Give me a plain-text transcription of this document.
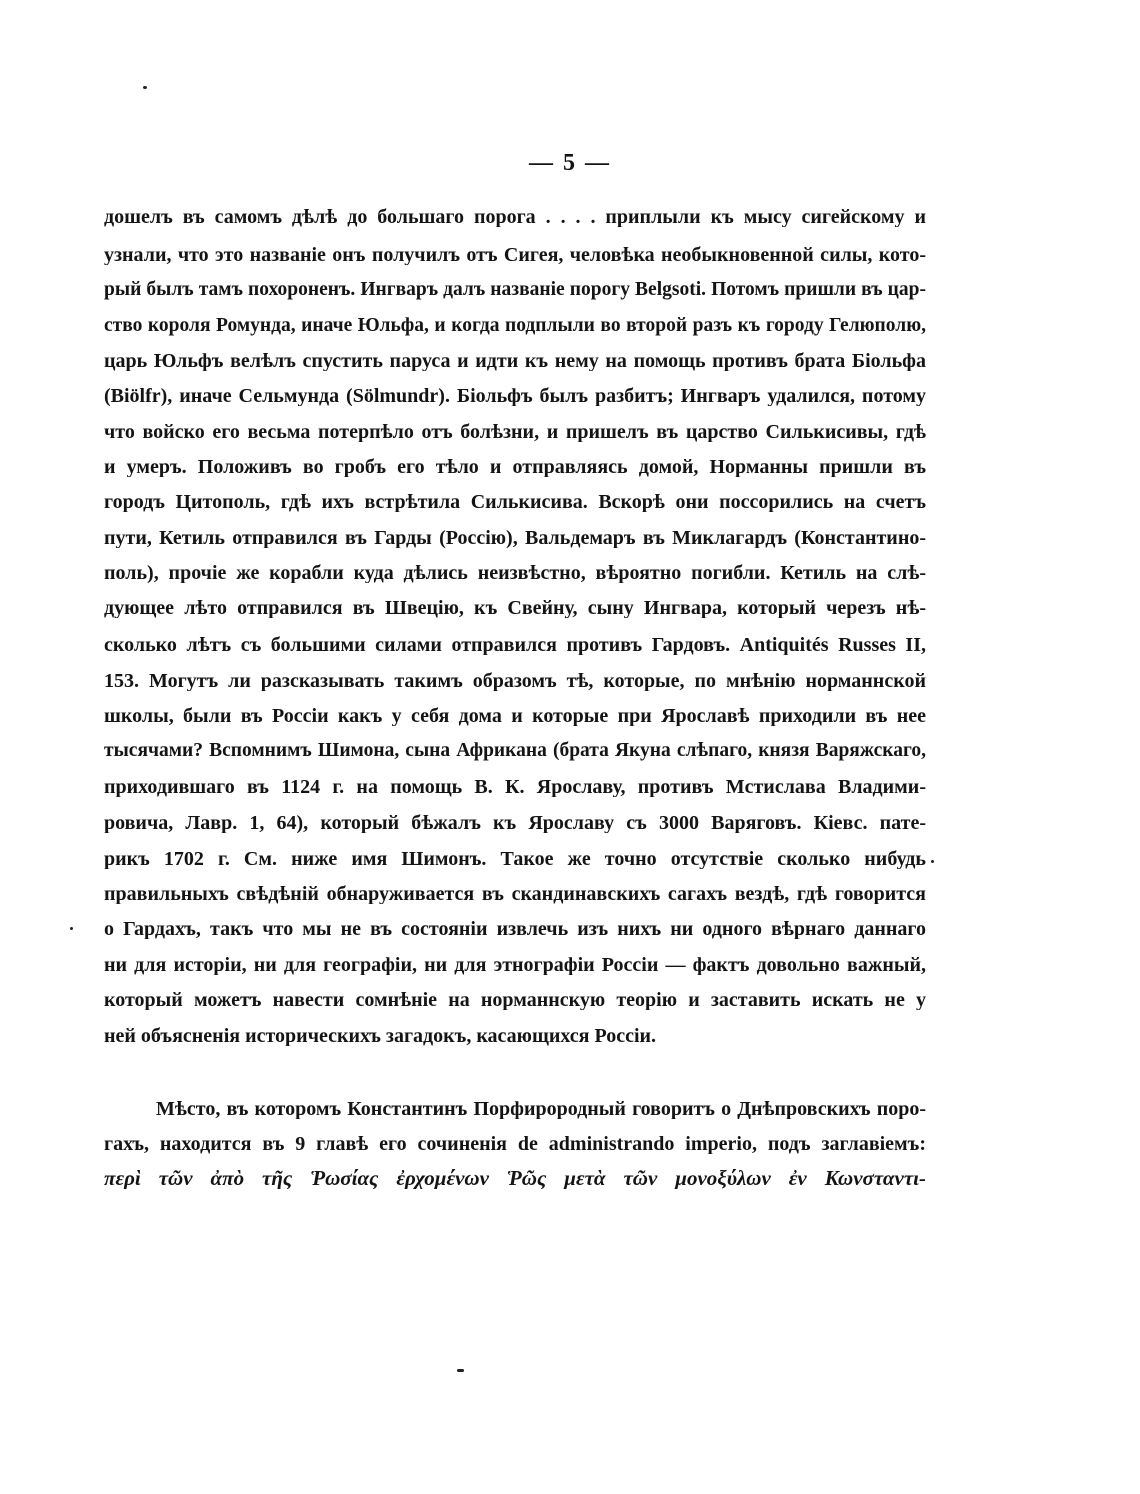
— 5 —
дошелъ въ самомъ дѣлѣ до большаго порога . . . . приплыли къ мысу сигейскому и
узнали, что это названіе онъ получилъ отъ Сигея, человѣка необыкновенной силы, кото-
рый былъ тамъ похороненъ. Ингваръ далъ названіе порогу Belgsoti. Потомъ пришли въ цар-
ство короля Ромунда, иначе Юльфа, и когда подплыли во второй разъ къ городу Гелюполю,
царь Юльфъ велѣлъ спустить паруса и идти къ нему на помощь противъ брата Біольфа
(Biölfr), иначе Сельмунда (Sölmundr). Біольфъ былъ разбитъ; Ингваръ удалился, потому
что войско его весьма потерпѣло отъ болѣзни, и пришелъ въ царство Силькисивы, гдѣ
и умеръ. Положивъ во гробъ его тѣло и отправляясь домой, Норманны пришли въ
городъ Цитополь, гдѣ ихъ встрѣтила Силькисива. Вскорѣ они поссорились на счетъ
пути, Кетиль отправился въ Гарды (Россію), Вальдемаръ въ Миклагардъ (Константино-
поль), прочіе же корабли куда дѣлись неизвѣстно, вѣроятно погибли. Кетиль на слѣ-
дующее лѣто отправился въ Швецію, къ Свейну, сыну Ингвара, который черезъ нѣ-
сколько лѣтъ съ большими силами отправился противъ Гардовъ. Antiquités Russes II,
153. Могутъ ли разсказывать такимъ образомъ тѣ, которые, по мнѣнію норманнской
школы, были въ Россіи какъ у себя дома и которые при Ярославѣ приходили въ нее
тысячами? Вспомнимъ Шимона, сына Африкана (брата Якуна слѣпаго, князя Варяжскаго,
приходившаго въ 1124 г. на помощь В. К. Ярославу, противъ Мстислава Владими-
ровича, Лавр. 1, 64), который бѣжалъ къ Ярославу съ 3000 Варяговъ. Кіевс. пате-
рикъ 1702 г. См. ниже имя Шимонъ. Такое же точно отсутствіе сколько нибудь
правильныхъ свѣдѣній обнаруживается въ скандинавскихъ сагахъ вездѣ, гдѣ говорится
о Гардахъ, такъ что мы не въ состояніи извлечь изъ нихъ ни одного вѣрнаго даннаго
ни для исторіи, ни для географіи, ни для этнографіи Россіи — фактъ довольно важный,
который можетъ навести сомнѣніе на норманнскую теорію и заставить искать не у
ней объясненія историческихъ загадокъ, касающихся Россіи.
Мѣсто, въ которомъ Константинъ Порфирородный говоритъ о Днѣпровскихъ поро-
гахъ, находится въ 9 главѣ его сочиненія de administrando imperio, подъ заглавіемъ:
περὶ τῶν ἀπὸ τῆς Ῥωσίας ἐρχομένων Ῥῶς μετὰ τῶν μονοξύλων ἐν Κωνσταντι-
